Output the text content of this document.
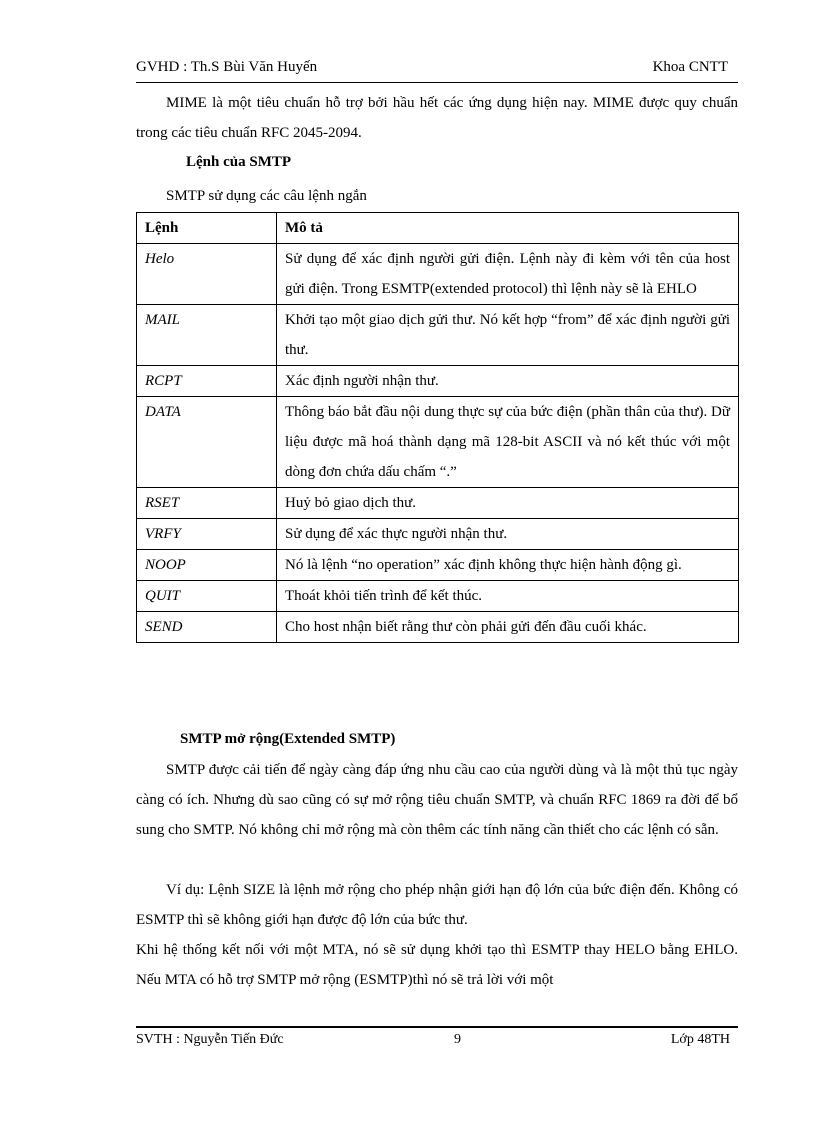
GVHD : Th.S Bùi Văn Huyến	Khoa CNTT
MIME là một tiêu chuẩn hỗ trợ bởi hầu hết các ứng dụng hiện nay. MIME được quy chuẩn trong các tiêu chuẩn RFC 2045-2094.
Lệnh của SMTP
SMTP sử dụng các câu lệnh ngắn
Lệnh	Mô tả
Helo	Sử dụng để xác định người gửi điện. Lệnh này đi kèm với tên của host gửi điện. Trong ESMTP(extended protocol) thì lệnh này sẽ là EHLO
MAIL	Khởi tạo một giao dịch gửi thư. Nó kết hợp “from” để xác định người gửi thư.
RCPT	Xác định người nhận thư.
DATA	Thông báo bắt đầu nội dung thực sự của bức điện (phần thân của thư). Dữ liệu được mã hoá thành dạng mã 128-bit ASCII và nó kết thúc với một dòng đơn chứa dấu chấm “.”
RSET	Huỷ bỏ giao dịch thư.
VRFY	Sử dụng để xác thực người nhận thư.
NOOP	Nó là lệnh “no operation” xác định không thực hiện hành động gì.
QUIT	Thoát khỏi tiến trình để kết thúc.
SEND	Cho host nhận biết rằng thư còn phải gửi đến đầu cuối khác.
SMTP mở rộng(Extended SMTP)
SMTP được cải tiến để ngày càng đáp ứng nhu cầu cao của người dùng và là một thủ tục ngày càng có ích. Nhưng dù sao cũng có sự mở rộng tiêu chuẩn SMTP, và chuẩn RFC 1869 ra đời để bổ sung cho SMTP. Nó không chỉ mở rộng mà còn thêm các tính năng cần thiết cho các lệnh có sẵn.
Ví dụ: Lệnh SIZE là lệnh mở rộng cho phép nhận giới hạn độ lớn của bức điện đến. Không có ESMTP thì sẽ không giới hạn được độ lớn của bức thư.
Khi hệ thống kết nối với một MTA, nó sẽ sử dụng khởi tạo thì ESMTP thay HELO bằng EHLO. Nếu MTA có hỗ trợ SMTP mở rộng (ESMTP)thì nó sẽ trả lời với một
SVTH : Nguyễn Tiến Đức	9	Lớp 48TH
